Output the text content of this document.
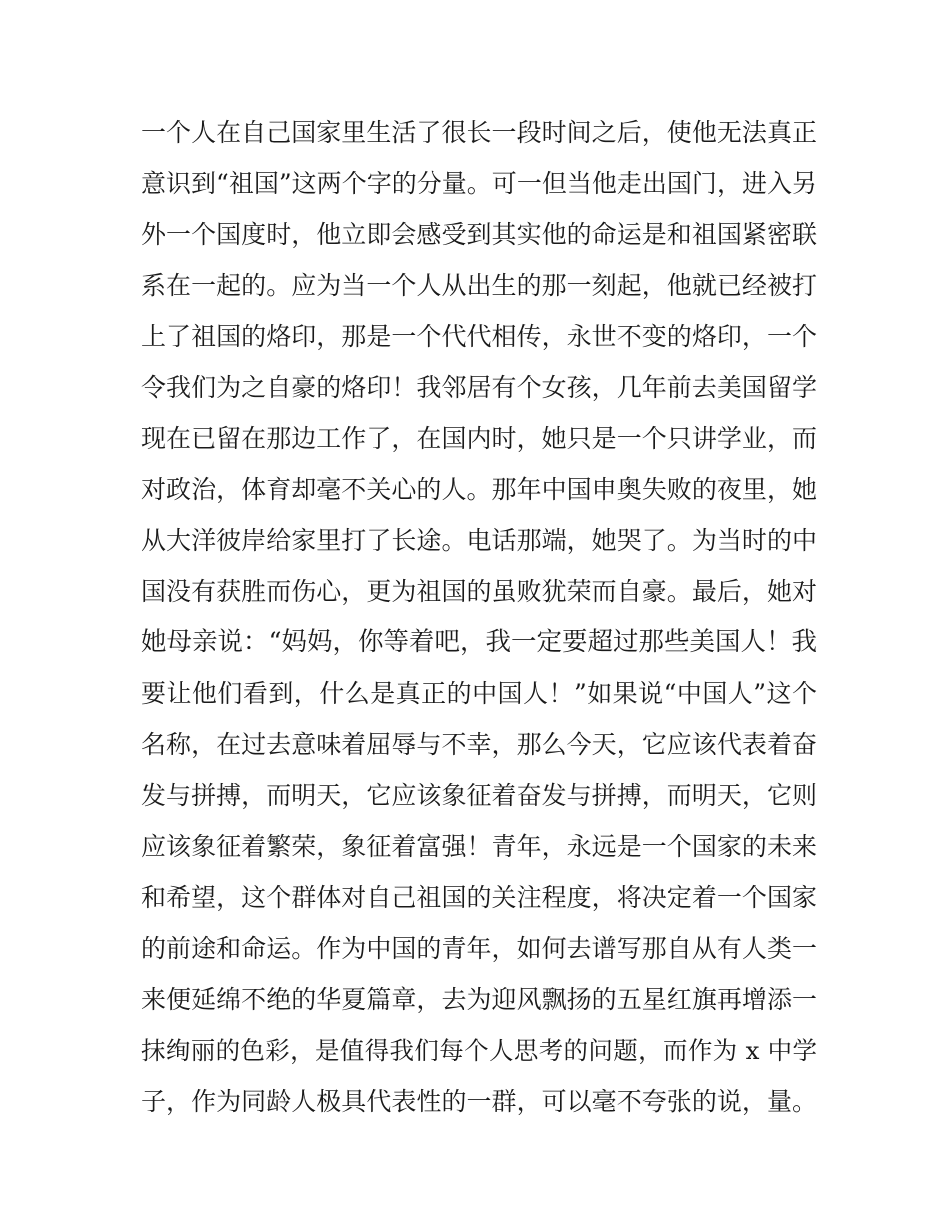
一个人在自己国家里生活了很长一段时间之后，使他无法真正
意识到“祖国”这两个字的分量。可一但当他走出国门，进入另
外一个国度时，他立即会感受到其实他的命运是和祖国紧密联
系在一起的。应为当一个人从出生的那一刻起，他就已经被打
上了祖国的烙印，那是一个代代相传，永世不变的烙印，一个
令我们为之自豪的烙印！我邻居有个女孩，几年前去美国留学
现在已留在那边工作了，在国内时，她只是一个只讲学业，而
对政治，体育却毫不关心的人。那年中国申奥失败的夜里，她
从大洋彼岸给家里打了长途。电话那端，她哭了。为当时的中
国没有获胜而伤心，更为祖国的虽败犹荣而自豪。最后，她对
她母亲说：“妈妈，你等着吧，我一定要超过那些美国人！我
要让他们看到，什么是真正的中国人！”如果说“中国人”这个
名称，在过去意味着屈辱与不幸，那么今天，它应该代表着奋
发与拼搏，而明天，它应该象征着奋发与拼搏，而明天，它则
应该象征着繁荣，象征着富强！青年，永远是一个国家的未来
和希望，这个群体对自己祖国的关注程度，将决定着一个国家
的前途和命运。作为中国的青年，如何去谱写那自从有人类一
来便延绵不绝的华夏篇章，去为迎风飘扬的五星红旗再增添一
抹绚丽的色彩，是值得我们每个人思考的问题，而作为 x 中学
子，作为同龄人极具代表性的一群，可以毫不夸张的说，量。
